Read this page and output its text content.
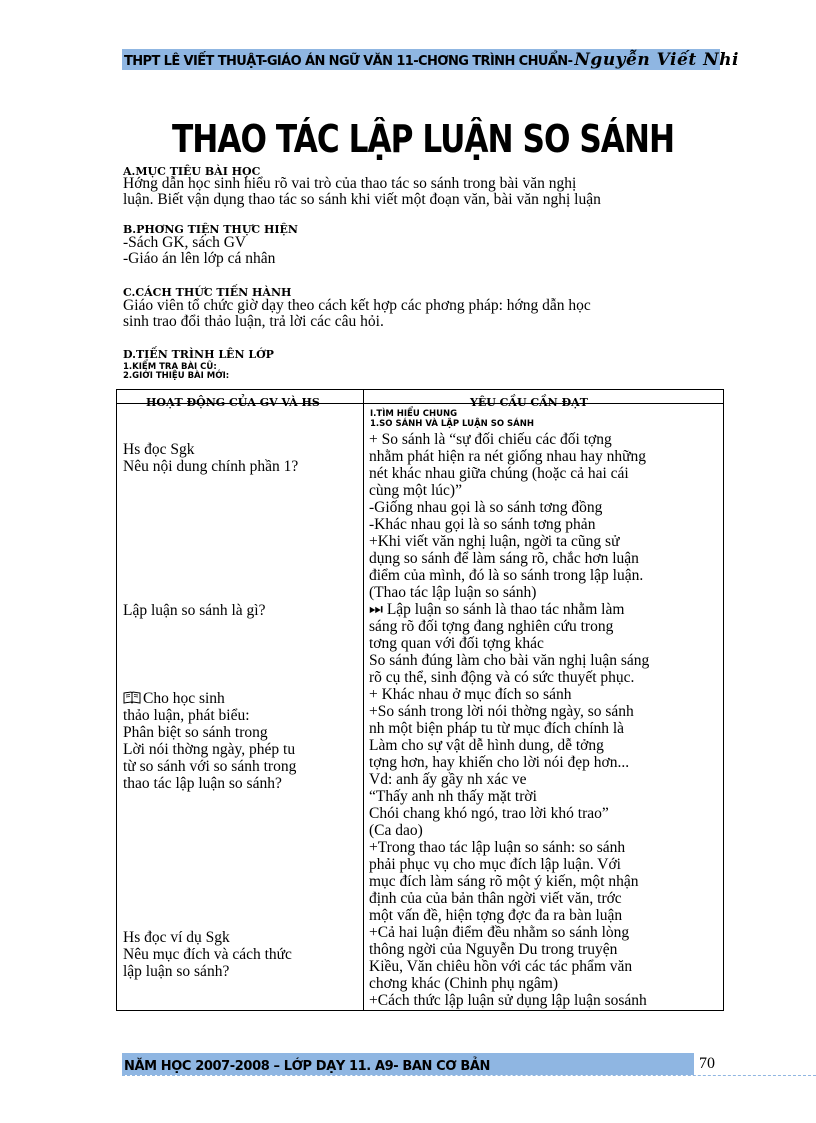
THPT LÊ VIẾT THUẬT-GIÁO ÁN NGỮ VĂN 11-CHƠNG TRÌNH CHUẨN- Nguyễn Viết Nhi
THAO TÁC LẬP LUẬN SO SÁNH
A.MỤC TIÊU BÀI HỌC
Hớng dẫn học sinh hiểu rõ vai trò của thao tác so sánh trong bài văn nghị
luận. Biết vận dụng thao tác so sánh khi viết một đoạn văn, bài văn nghị luận
B.PHƠNG TIỆN THỰC HIỆN
-Sách GK, sách GV
-Giáo án lên lớp cá nhân
C.CÁCH THỨC TIẾN HÀNH
Giáo viên tổ chức giờ dạy theo cách kết hợp các phơng pháp: hớng dẫn học
sinh trao đổi thảo luận, trả lời các câu hỏi.
D.TIẾN TRÌNH LÊN LỚP
1.KIỂM TRA BÀI CŨ:
2.GIỚI THIỆU BÀI MỚI:
HOẠT ĐỘNG CỦA GV VÀ HS	YÊU CẦU CẦN ĐẠT
I.TÌM HIỂU CHUNG
1.SO SÁNH VÀ LẬP LUẬN SO SÁNH
Hs đọc Sgk
Nêu nội dung chính phần 1?
Lập luận so sánh là gì?
Cho học sinh
thảo luận, phát biểu:
Phân biệt so sánh trong
Lời nói thờng ngày, phép tu
từ so sánh với so sánh trong
thao tác lập luận so sánh?
Hs đọc ví dụ Sgk
Nêu mục đích và cách thức
lập luận so sánh?
+ So sánh là “sự đối chiếu các đối tợng
nhằm phát hiện ra nét giống nhau hay những
nét khác nhau giữa chúng (hoặc cả hai cái
cùng một lúc)”
-Giống nhau gọi là so sánh tơng đồng
-Khác nhau gọi là so sánh tơng phản
+Khi viết văn nghị luận, ngời ta cũng sử
dụng so sánh để làm sáng rõ, chắc hơn luận
điểm của mình, đó là so sánh trong lập luận.
(Thao tác lập luận so sánh)
⏭ Lập luận so sánh là thao tác nhằm làm
sáng rõ đối tợng đang nghiên cứu trong
tơng quan với đối tợng khác
So sánh đúng làm cho bài văn nghị luận sáng
rõ cụ thể, sinh động và có sức thuyết phục.
+ Khác nhau ở mục đích so sánh
+So sánh trong lời nói thờng ngày, so sánh
nh một biện pháp tu từ mục đích chính là
Làm cho sự vật dễ hình dung, dễ tởng
tợng hơn, hay khiến cho lời nói đẹp hơn...
Vd: anh ấy gầy nh xác ve
“Thấy anh nh thấy mặt trời
Chói chang khó ngó, trao lời khó trao”
(Ca dao)
+Trong thao tác lập luận so sánh: so sánh
phải phục vụ cho mục đích lập luận. Với
mục đích làm sáng rõ một ý kiến, một nhận
định của của bản thân ngời viết văn, trớc
một vấn đề, hiện tợng đợc đa ra bàn luận
+Cả hai luận điểm đều nhằm so sánh lòng
thông ngời của Nguyễn Du trong truyện
Kiều, Văn chiêu hồn với các tác phẩm văn
chơng khác (Chinh phụ ngâm)
+Cách thức lập luận sử dụng lập luận sosánh
NĂM HỌC 2007-2008 – LỚP DẠY 11. A9- BAN CƠ BẢN	70
